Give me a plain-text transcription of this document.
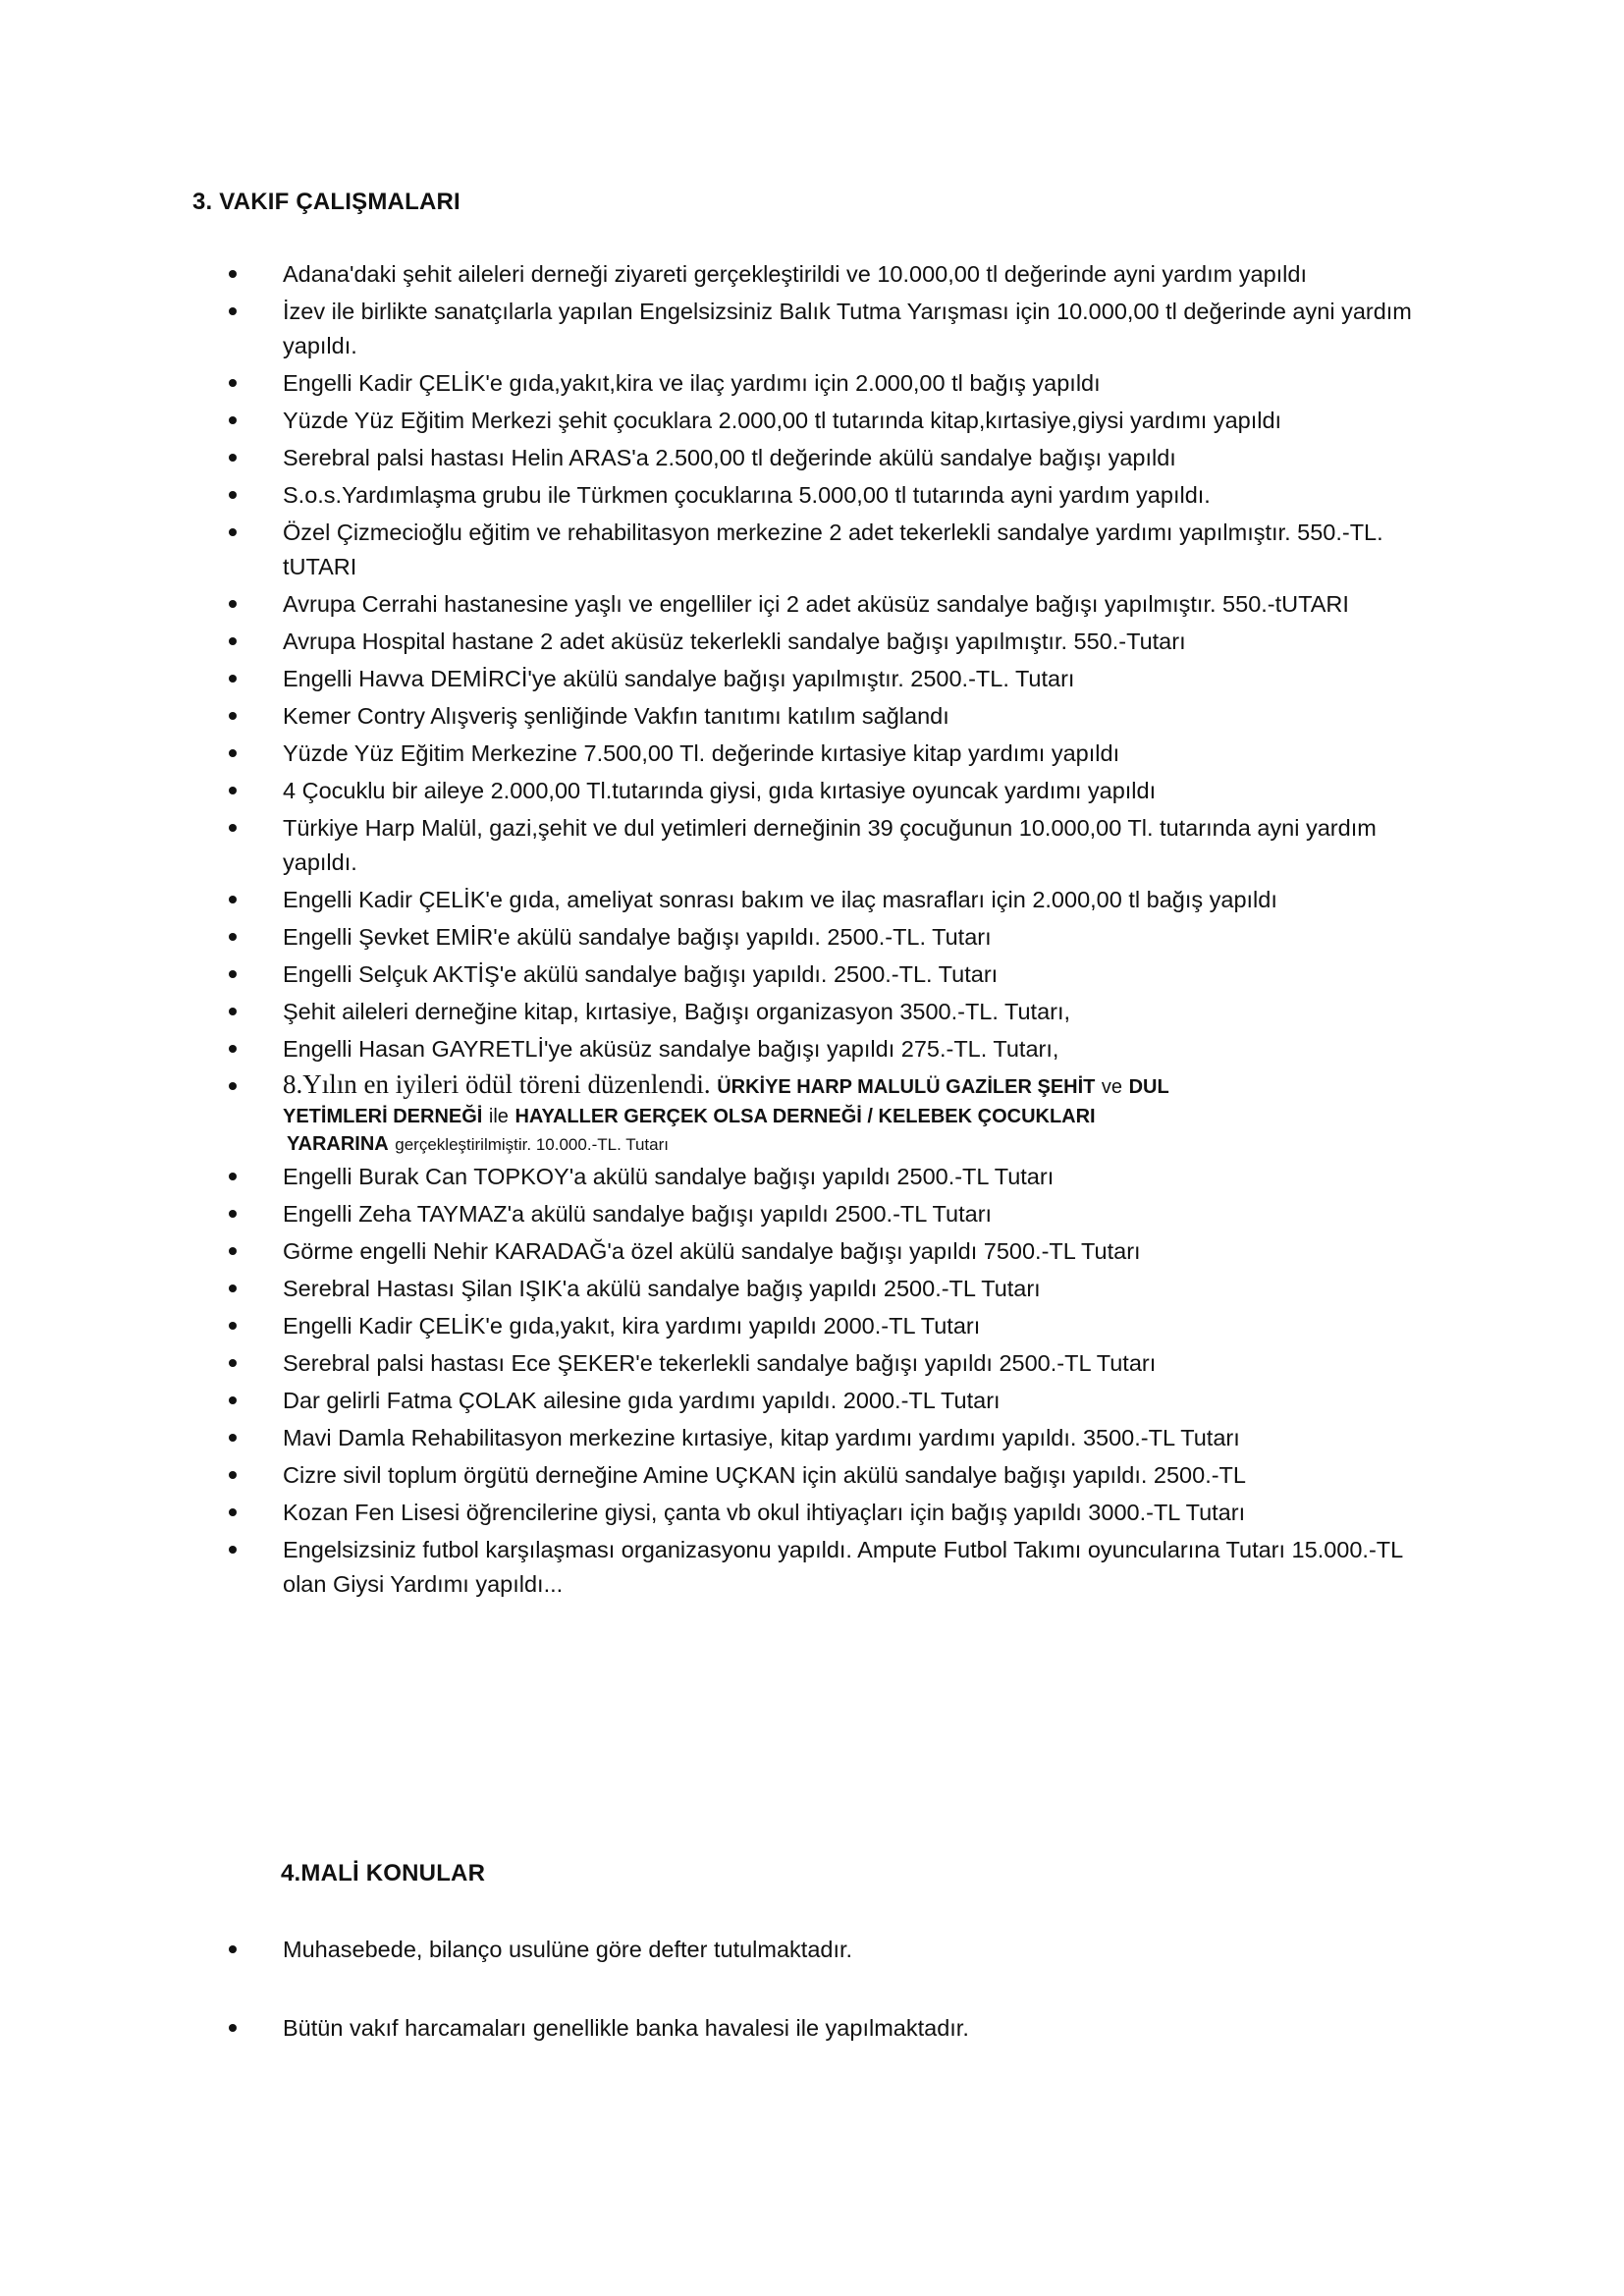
3. VAKIF ÇALIŞMALARI
Adana'daki şehit aileleri derneği ziyareti gerçekleştirildi ve 10.000,00 tl değerinde ayni yardım yapıldı
İzev ile birlikte sanatçılarla yapılan Engelsizsiniz Balık Tutma Yarışması için 10.000,00 tl değerinde ayni yardım yapıldı.
Engelli Kadir ÇELİK'e gıda,yakıt,kira ve ilaç yardımı için 2.000,00 tl bağış yapıldı
Yüzde Yüz Eğitim Merkezi şehit çocuklara 2.000,00 tl tutarında kitap,kırtasiye,giysi yardımı yapıldı
Serebral palsi hastası Helin ARAS'a 2.500,00 tl değerinde akülü sandalye bağışı yapıldı
S.o.s.Yardımlaşma grubu ile Türkmen çocuklarına 5.000,00 tl tutarında ayni yardım yapıldı.
Özel Çizmecioğlu eğitim ve rehabilitasyon merkezine 2 adet tekerlekli sandalye yardımı yapılmıştır. 550.-TL. tUTARI
Avrupa Cerrahi hastanesine yaşlı ve engelliler içi 2 adet aküsüz sandalye bağışı yapılmıştır. 550.-tUTARI
Avrupa Hospital hastane 2 adet aküsüz tekerlekli sandalye bağışı yapılmıştır. 550.-Tutarı
Engelli Havva DEMİRCİ'ye akülü sandalye bağışı yapılmıştır. 2500.-TL. Tutarı
Kemer Contry Alışveriş şenliğinde Vakfın tanıtımı katılım sağlandı
Yüzde Yüz Eğitim Merkezine 7.500,00 Tl. değerinde kırtasiye kitap yardımı yapıldı
4 Çocuklu bir aileye 2.000,00 Tl.tutarında giysi, gıda kırtasiye oyuncak yardımı yapıldı
Türkiye Harp Malül, gazi,şehit ve dul yetimleri derneğinin 39 çocuğunun 10.000,00 Tl. tutarında ayni yardım yapıldı.
Engelli Kadir ÇELİK'e gıda, ameliyat sonrası bakım ve ilaç masrafları için 2.000,00 tl bağış yapıldı
Engelli Şevket EMİR'e akülü sandalye bağışı yapıldı. 2500.-TL. Tutarı
Engelli Selçuk AKTİŞ'e akülü sandalye bağışı yapıldı. 2500.-TL. Tutarı
Şehit aileleri derneğine kitap, kırtasiye, Bağışı organizasyon 3500.-TL. Tutarı,
Engelli Hasan GAYRETLİ'ye aküsüz sandalye bağışı yapıldı 275.-TL. Tutarı,
8.Yılın en iyileri ödül töreni düzenlendi. ÜRKİYE HARP MALULÜ GAZİLER ŞEHİT ve DUL
YETİMLERİ DERNEĞİ ile HAYALLER GERÇEK OLSA DERNEĞİ / KELEBEK ÇOCUKLARI
YARARINA gerçekleştirilmiştir. 10.000.-TL. Tutarı
Engelli Burak Can TOPKOY'a akülü sandalye bağışı yapıldı 2500.-TL Tutarı
Engelli Zeha TAYMAZ'a akülü sandalye bağışı yapıldı 2500.-TL Tutarı
Görme engelli Nehir KARADAĞ'a özel akülü sandalye bağışı yapıldı 7500.-TL Tutarı
Serebral Hastası Şilan IŞIK'a akülü sandalye bağış yapıldı 2500.-TL Tutarı
Engelli Kadir ÇELİK'e gıda,yakıt, kira yardımı yapıldı 2000.-TL Tutarı
Serebral palsi hastası Ece ŞEKER'e tekerlekli sandalye bağışı yapıldı 2500.-TL Tutarı
Dar gelirli Fatma ÇOLAK ailesine gıda yardımı yapıldı. 2000.-TL Tutarı
Mavi Damla Rehabilitasyon merkezine kırtasiye, kitap yardımı yardımı yapıldı. 3500.-TL Tutarı
Cizre sivil toplum örgütü derneğine Amine UÇKAN için akülü sandalye bağışı yapıldı. 2500.-TL
Kozan Fen Lisesi öğrencilerine giysi, çanta vb okul ihtiyaçları için bağış yapıldı 3000.-TL Tutarı
Engelsizsiniz futbol karşılaşması organizasyonu yapıldı. Ampute Futbol Takımı oyuncularına Tutarı 15.000.-TL olan Giysi Yardımı yapıldı...
4.MALİ KONULAR
Muhasebede, bilanço usulüne göre defter tutulmaktadır.
Bütün vakıf harcamaları genellikle banka havalesi ile yapılmaktadır.
